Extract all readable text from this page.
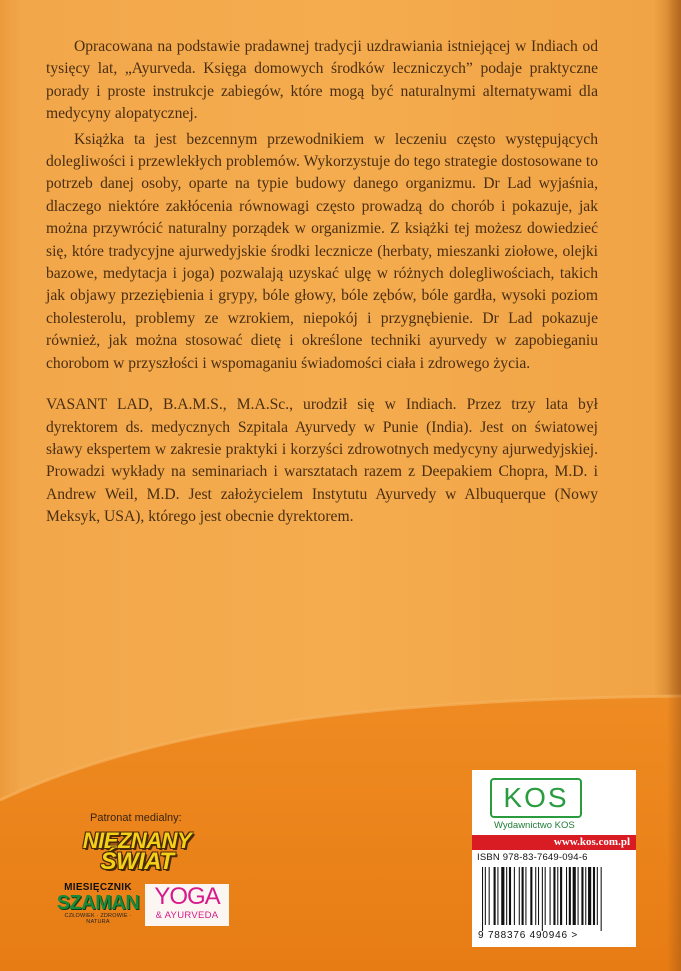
Opracowana na podstawie pradawnej tradycji uzdrawiania istniejącej w Indiach od tysięcy lat, „Ayurveda. Księga domowych środków leczniczych” podaje praktyczne porady i proste instrukcje zabiegów, które mogą być naturalnymi alternatywami dla medycyny alopatycznej.

Książka ta jest bezcennym przewodnikiem w leczeniu często występujących dolegliwości i przewlekłych problemów. Wykorzystuje do tego strategie dostosowane to potrzeb danej osoby, oparte na typie budowy danego organizmu. Dr Lad wyjaśnia, dlaczego niektóre zakłócenia równowagi często prowadzą do chorób i pokazuje, jak można przywrócić naturalny porządek w organizmie. Z książki tej możesz dowiedzieć się, które tradycyjne ajurwedyjskie środki lecznicze (herbaty, mieszanki ziołowe, olejki bazowe, medytacja i joga) pozwalają uzyskać ulgę w różnych dolegliwościach, takich jak objawy przeziębienia i grypy, bóle głowy, bóle zębów, bóle gardła, wysoki poziom cholesterolu, problemy ze wzrokiem, niepokój i przygnębienie. Dr Lad pokazuje również, jak można stosować dietę i określone techniki ayurvedy w zapobieganiu chorobom w przyszłości i wspomaganiu świadomości ciała i zdrowego życia.

VASANT LAD, B.A.M.S., M.A.Sc., urodził się w Indiach. Przez trzy lata był dyrektorem ds. medycznych Szpitala Ayurvedy w Punie (India). Jest on światowej sławy ekspertem w zakresie praktyki i korzyści zdrowotnych medycyny ajurwedyjskiej. Prowadzi wykłady na seminariach i warsztatach razem z Deepakiem Chopra, M.D. i Andrew Weil, M.D. Jest założycielem Instytutu Ayurvedy w Albuquerque (Nowy Meksyk, USA), którego jest obecnie dyrektorem.

Patronat medialny:
NIEZNANY
ŚWIAT
MIESIĘCZNIK
SZAMAN
CZŁOWIEK · ZDROWIE · NATURA
YOGA
& AYURVEDA
KOS
Wydawnictwo KOS
www.kos.com.pl
ISBN 978-83-7649-094-6
9 788376 490946 >
